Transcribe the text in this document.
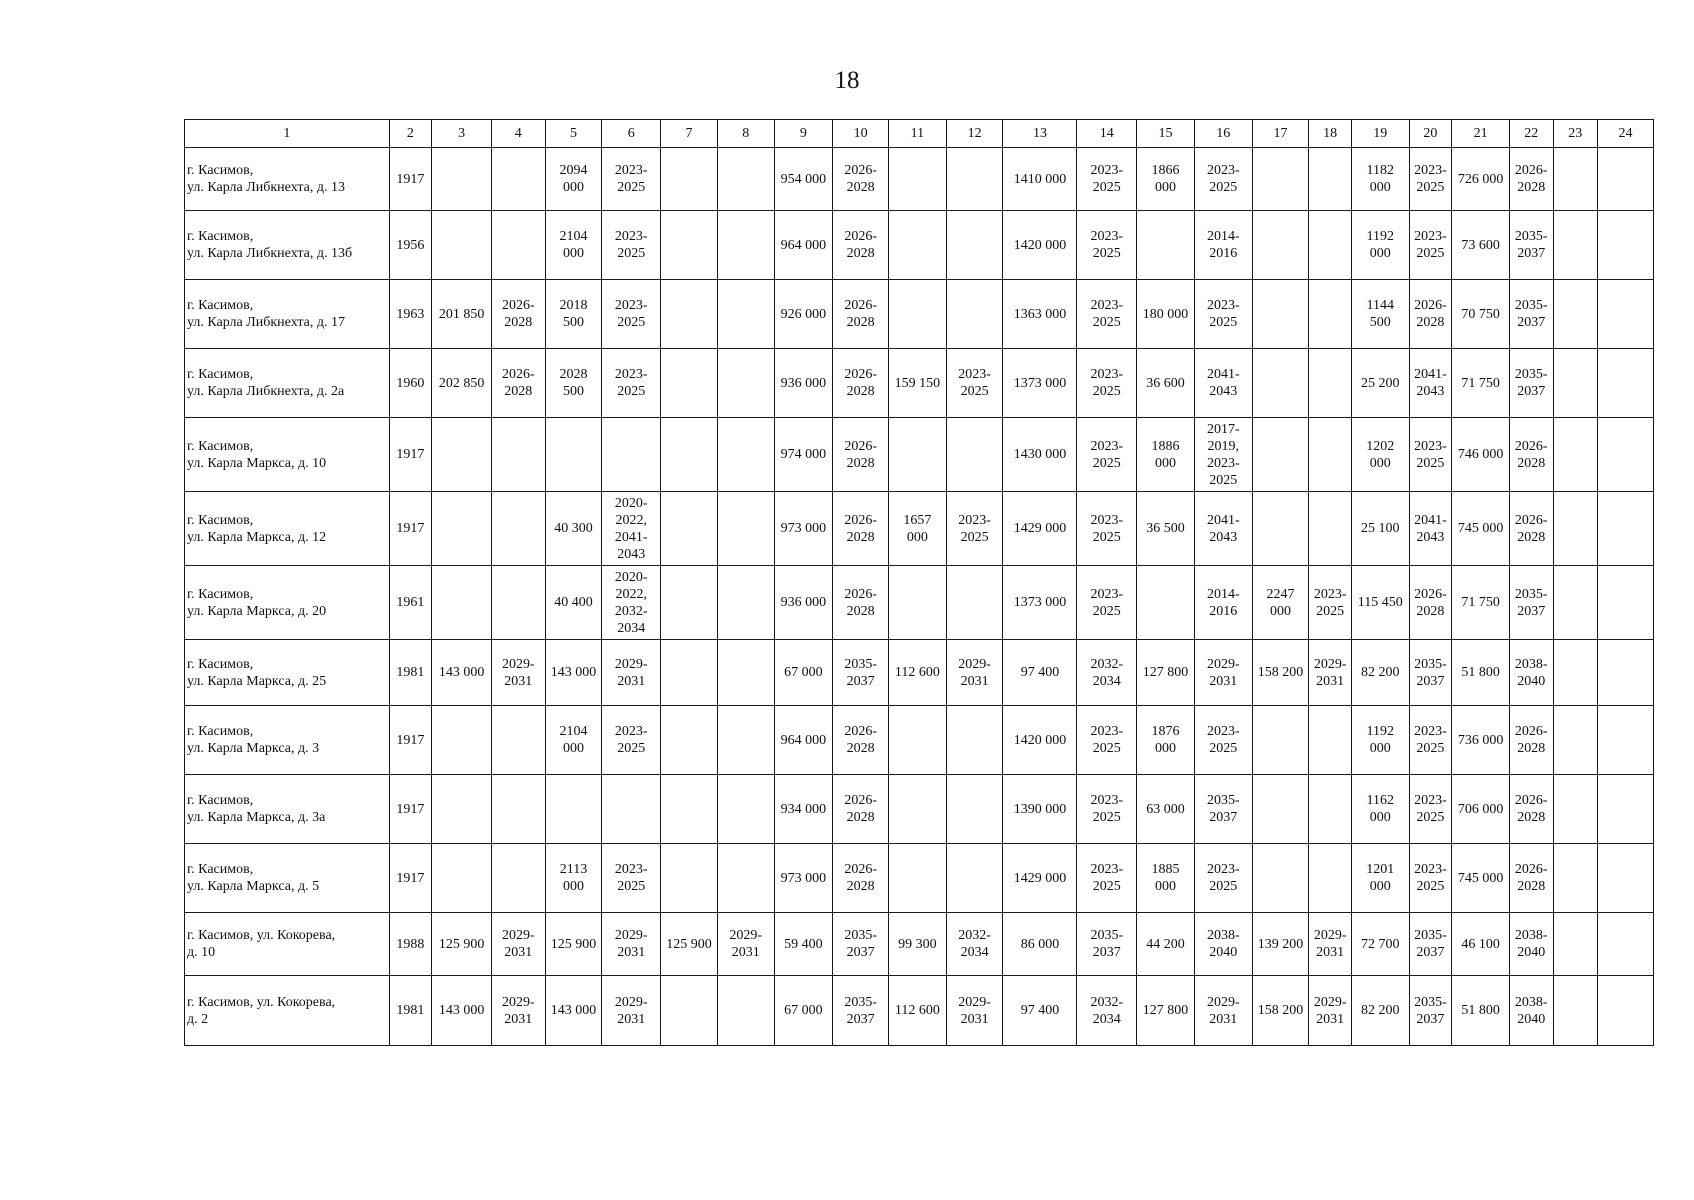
18
1	2	3	4	5	6	7	8	9	10	11	12	13	14	15	16	17	18	19	20	21	22	23	24
г. Касимов,
ул. Карла Либкнехта, д. 13	1917			2094
000	2023-
2025			954 000	2026-
2028			1410 000	2023-
2025	1866
000	2023-
2025			1182
000	2023-
2025	726 000	2026-
2028		
г. Касимов,
ул. Карла Либкнехта, д. 13б	1956			2104
000	2023-
2025			964 000	2026-
2028			1420 000	2023-
2025		2014-
2016			1192
000	2023-
2025	73 600	2035-
2037		
г. Касимов,
ул. Карла Либкнехта, д. 17	1963	201 850	2026-
2028	2018
500	2023-
2025			926 000	2026-
2028			1363 000	2023-
2025	180 000	2023-
2025			1144
500	2026-
2028	70 750	2035-
2037		
г. Касимов,
ул. Карла Либкнехта, д. 2а	1960	202 850	2026-
2028	2028
500	2023-
2025			936 000	2026-
2028	159 150	2023-
2025	1373 000	2023-
2025	36 600	2041-
2043			25 200	2041-
2043	71 750	2035-
2037		
г. Касимов,
ул. Карла Маркса, д. 10	1917							974 000	2026-
2028			1430 000	2023-
2025	1886
000	2017-
2019,
2023-
2025			1202
000	2023-
2025	746 000	2026-
2028		
г. Касимов,
ул. Карла Маркса, д. 12	1917			40 300	2020-
2022,
2041-
2043			973 000	2026-
2028	1657
000	2023-
2025	1429 000	2023-
2025	36 500	2041-
2043			25 100	2041-
2043	745 000	2026-
2028		
г. Касимов,
ул. Карла Маркса, д. 20	1961			40 400	2020-
2022,
2032-
2034			936 000	2026-
2028			1373 000	2023-
2025		2014-
2016	2247
000	2023-
2025	115 450	2026-
2028	71 750	2035-
2037		
г. Касимов,
ул. Карла Маркса, д. 25	1981	143 000	2029-
2031	143 000	2029-
2031			67 000	2035-
2037	112 600	2029-
2031	97 400	2032-
2034	127 800	2029-
2031	158 200	2029-
2031	82 200	2035-
2037	51 800	2038-
2040		
г. Касимов,
ул. Карла Маркса, д. 3	1917			2104
000	2023-
2025			964 000	2026-
2028			1420 000	2023-
2025	1876
000	2023-
2025			1192
000	2023-
2025	736 000	2026-
2028		
г. Касимов,
ул. Карла Маркса, д. 3а	1917							934 000	2026-
2028			1390 000	2023-
2025	63 000	2035-
2037			1162
000	2023-
2025	706 000	2026-
2028		
г. Касимов,
ул. Карла Маркса, д. 5	1917			2113
000	2023-
2025			973 000	2026-
2028			1429 000	2023-
2025	1885
000	2023-
2025			1201
000	2023-
2025	745 000	2026-
2028		
г. Касимов, ул. Кокорева,
д. 10	1988	125 900	2029-
2031	125 900	2029-
2031	125 900	2029-
2031	59 400	2035-
2037	99 300	2032-
2034	86 000	2035-
2037	44 200	2038-
2040	139 200	2029-
2031	72 700	2035-
2037	46 100	2038-
2040		
г. Касимов, ул. Кокорева,
д. 2	1981	143 000	2029-
2031	143 000	2029-
2031			67 000	2035-
2037	112 600	2029-
2031	97 400	2032-
2034	127 800	2029-
2031	158 200	2029-
2031	82 200	2035-
2037	51 800	2038-
2040		
